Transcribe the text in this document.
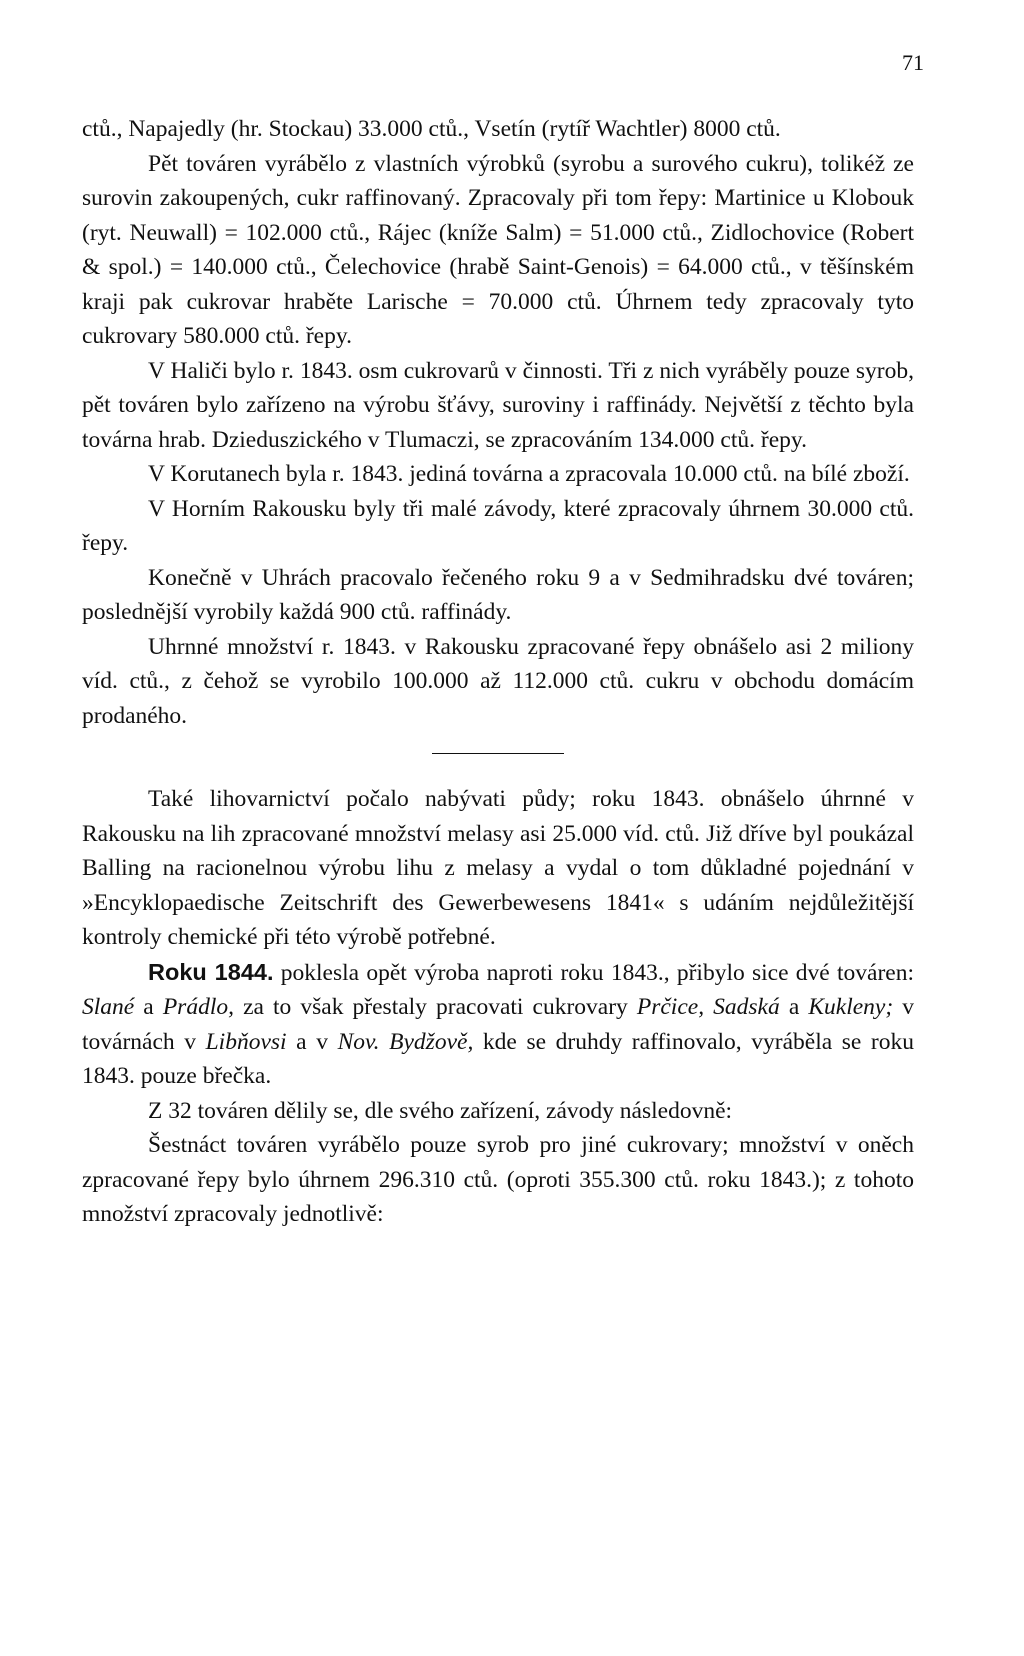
71

ctů., Napajedly (hr. Stockau) 33.000 ctů., Vsetín (rytíř Wachtler) 8000 ctů.

Pět továren vyrábělo z vlastních výrobků (syrobu a surového cukru), tolikéž ze surovin zakoupených, cukr raffinovaný. Zpracovaly při tom řepy: Martinice u Klobouk (ryt. Neuwall) = 102.000 ctů., Rájec (kníže Salm) = 51.000 ctů., Zidlochovice (Robert & spol.) = 140.000 ctů., Čelechovice (hrabě Saint-Genois) = 64.000 ctů., v těšínském kraji pak cukrovar hraběte Larische = 70.000 ctů. Úhrnem tedy zpracovaly tyto cukrovary 580.000 ctů. řepy.

V Haliči bylo r. 1843. osm cukrovarů v činnosti. Tři z nich vyráběly pouze syrob, pět továren bylo zařízeno na výrobu šťávy, suroviny i raffinády. Největší z těchto byla továrna hrab. Dzieduszického v Tlumaczi, se zpracováním 134.000 ctů. řepy.

V Korutanech byla r. 1843. jediná továrna a zpracovala 10.000 ctů. na bílé zboží.

V Horním Rakousku byly tři malé závody, které zpracovaly úhrnem 30.000 ctů. řepy.

Konečně v Uhrách pracovalo řečeného roku 9 a v Sedmihradsku dvé továren; poslednější vyrobily každá 900 ctů. raffinády.

Uhrnné množství r. 1843. v Rakousku zpracované řepy obnášelo asi 2 miliony víd. ctů., z čehož se vyrobilo 100.000 až 112.000 ctů. cukru v obchodu domácím prodaného.

Také lihovarnictví počalo nabývati půdy; roku 1843. obnášelo úhrnné v Rakousku na lih zpracované množství melasy asi 25.000 víd. ctů. Již dříve byl poukázal Balling na racionelnou výrobu lihu z melasy a vydal o tom důkladné pojednání v »Encyklopaedische Zeitschrift des Gewerbewesens 1841« s udáním nejdůležitější kontroly chemické při této výrobě potřebné.

Roku 1844. poklesla opět výroba naproti roku 1843., přibylo sice dvé továren: Slané a Prádlo, za to však přestaly pracovati cukrovary Prčice, Sadská a Kukleny; v továrnách v Libňovsi a v Nov. Bydžově, kde se druhdy raffinovalo, vyráběla se roku 1843. pouze břečka.

Z 32 továren dělily se, dle svého zařízení, závody následovně:

Šestnáct továren vyrábělo pouze syrob pro jiné cukrovary; množství v oněch zpracované řepy bylo úhrnem 296.310 ctů. (oproti 355.300 ctů. roku 1843.); z tohoto množství zpracovaly jednotlivě:
